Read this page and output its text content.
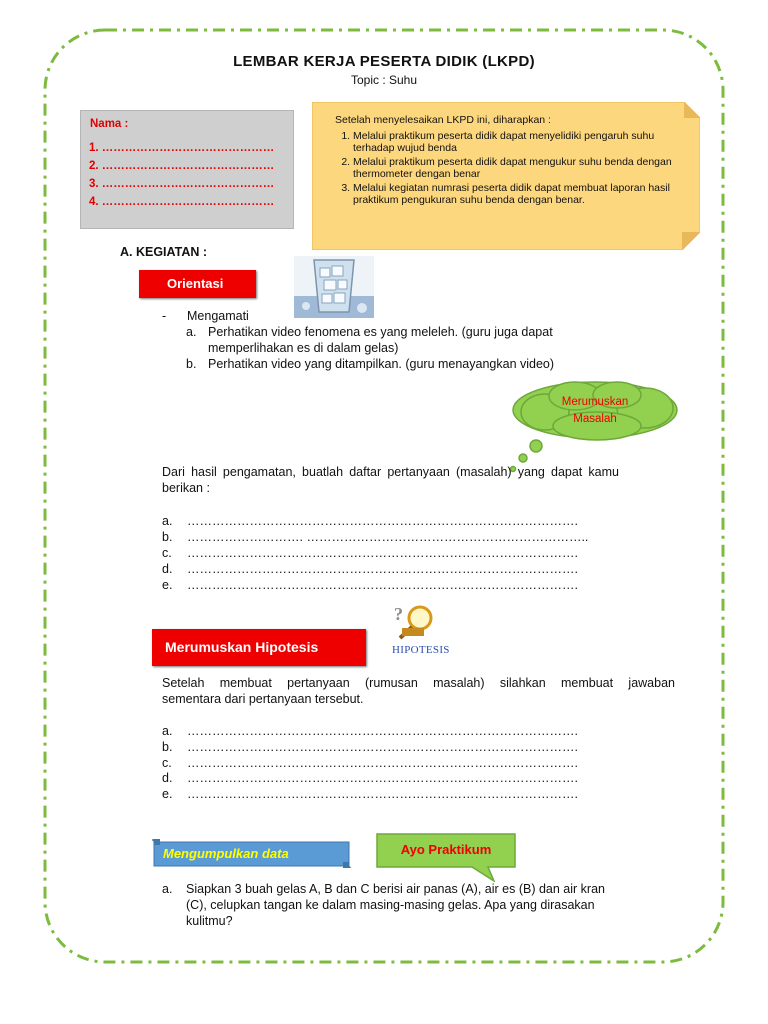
LEMBAR KERJA PESERTA DIDIK (LKPD)
Topic : Suhu
Nama :
1. ………………………………………
2. ………………………………………
3. ………………………………………
4. ………………………………………
Setelah menyelesaikan LKPD ini, diharapkan :
1. Melalui praktikum peserta didik dapat menyelidiki pengaruh suhu terhadap wujud benda
2. Melalui praktikum peserta didik dapat mengukur suhu benda dengan thermometer dengan benar
3. Melalui kegiatan numrasi peserta didik dapat membuat laporan hasil praktikum pengukuran suhu benda dengan benar.
A. KEGIATAN :
Orientasi
- Mengamati
a. Perhatikan video fenomena es yang meleleh. (guru juga dapat
memperlihakan es di dalam gelas)
b. Perhatikan video yang ditampilkan. (guru menayangkan video)
Merumuskan
Masalah
Dari hasil pengamatan, buatlah daftar pertanyaan (masalah) yang dapat kamu
berikan :
a. ………………………………………………………………………………….
b. ………………………. …………………………………………………………..
c. ………………………………………………………………………………….
d. ………………………………………………………………………………….
e. ………………………………………………………………………………….
Merumuskan Hipotesis
?
HIPOTESIS
Setelah membuat pertanyaan (rumusan masalah) silahkan membuat jawaban
sementara dari pertanyaan tersebut.
a. ………………………………………………………………………………….
b. ………………………………………………………………………………….
c. ………………………………………………………………………………….
d. ………………………………………………………………………………….
e. ………………………………………………………………………………….
Mengumpulkan data	Ayo Praktikum
a. Siapkan 3 buah gelas A, B dan C berisi air panas (A), air es (B) dan air kran
(C), celupkan tangan ke dalam masing-masing gelas. Apa yang dirasakan
kulitmu?
